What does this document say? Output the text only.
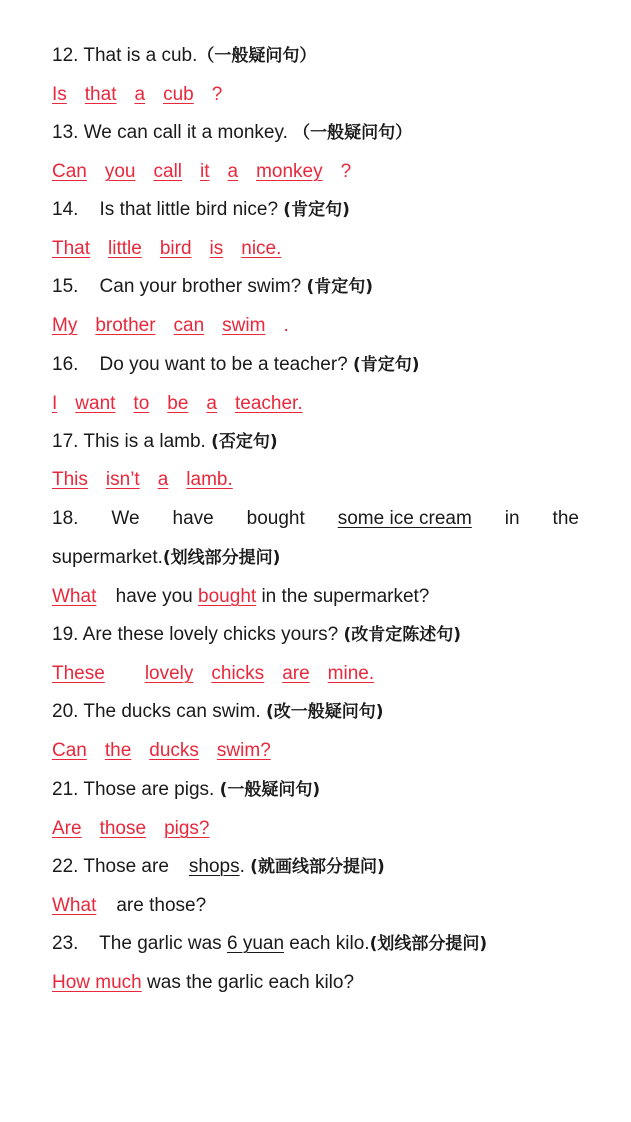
12. That is a cub.（一般疑问句）
Is that a cub ?
13. We can call it a monkey. （一般疑问句）
Can you call it a monkey ?
14.    Is that little bird nice? (肯定句)
That little bird is nice.
15.    Can your brother swim? (肯定句)
My brother can swim .
16.    Do you want to be a teacher? (肯定句)
I want to be a teacher.
17. This is a lamb. (否定句)
This isn’t a lamb.
18. We have bought some ice cream in the
supermarket.(划线部分提问)
What have you bought in the supermarket?
19. Are these lovely chicks yours? (改肯定陈述句)
These lovely chicks are mine.
20. The ducks can swim. (改一般疑问句)
Can the ducks swim?
21. Those are pigs. (一般疑问句)
Are those pigs?
22. Those are shops. (就画线部分提问)
What are those?
23.    The garlic was 6 yuan each kilo.(划线部分提问)
How much was the garlic each kilo?
